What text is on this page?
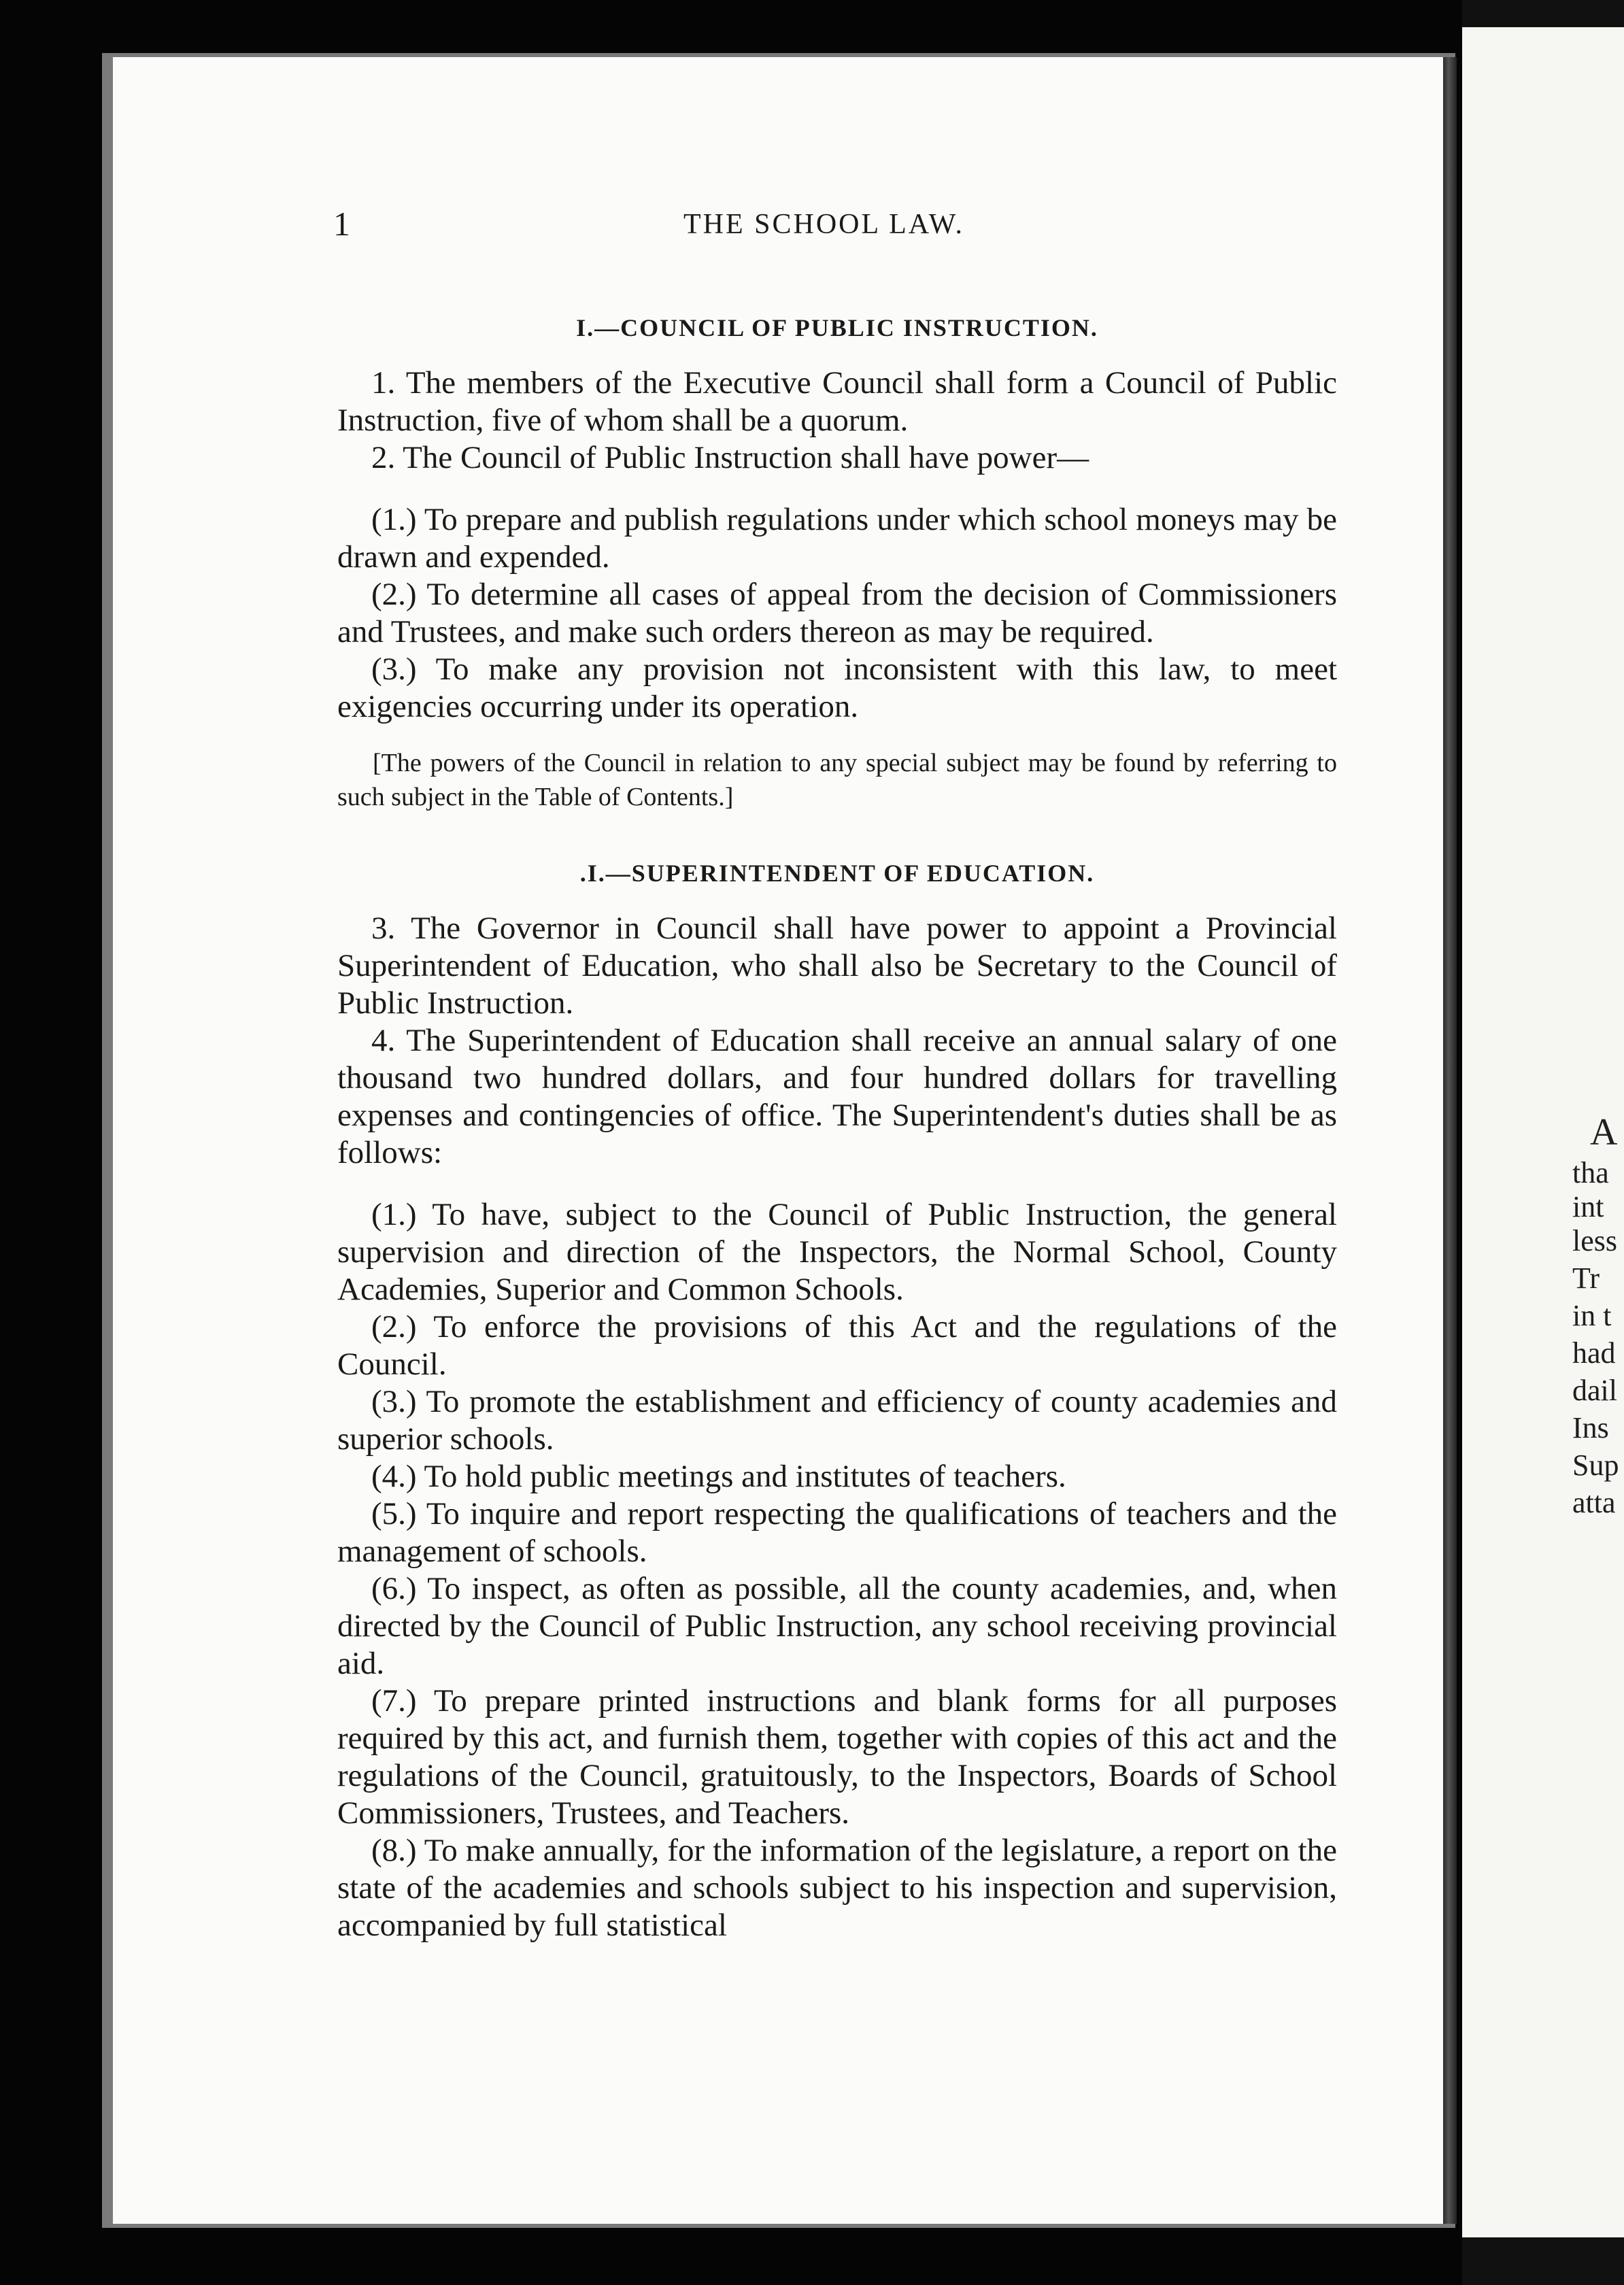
A
tha
int
less
Tr
in t
had
dail
Ins
Sup
atta
1	THE SCHOOL LAW.

I.—COUNCIL OF PUBLIC INSTRUCTION.

1. The members of the Executive Council shall form a Council of Public Instruction, five of whom shall be a quorum.

2. The Council of Public Instruction shall have power—

(1.) To prepare and publish regulations under which school moneys may be drawn and expended.

(2.) To determine all cases of appeal from the decision of Commissioners and Trustees, and make such orders thereon as may be required.

(3.) To make any provision not inconsistent with this law, to meet exigencies occurring under its operation.

[The powers of the Council in relation to any special subject may be found by referring to such subject in the Table of Contents.]

.I.—SUPERINTENDENT OF EDUCATION.

3. The Governor in Council shall have power to appoint a Provincial Superintendent of Education, who shall also be Secretary to the Council of Public Instruction.

4. The Superintendent of Education shall receive an annual salary of one thousand two hundred dollars, and four hundred dollars for travelling expenses and contingencies of office. The Superintendent's duties shall be as follows:

(1.) To have, subject to the Council of Public Instruction, the general supervision and direction of the Inspectors, the Normal School, County Academies, Superior and Common Schools.

(2.) To enforce the provisions of this Act and the regulations of the Council.

(3.) To promote the establishment and efficiency of county academies and superior schools.

(4.) To hold public meetings and institutes of teachers.

(5.) To inquire and report respecting the qualifications of teachers and the management of schools.

(6.) To inspect, as often as possible, all the county academies, and, when directed by the Council of Public Instruction, any school receiving provincial aid.

(7.) To prepare printed instructions and blank forms for all purposes required by this act, and furnish them, together with copies of this act and the regulations of the Council, gratuitously, to the Inspectors, Boards of School Commissioners, Trustees, and Teachers.

(8.) To make annually, for the information of the legislature, a report on the state of the academies and schools subject to his inspection and supervision, accompanied by full statistical
